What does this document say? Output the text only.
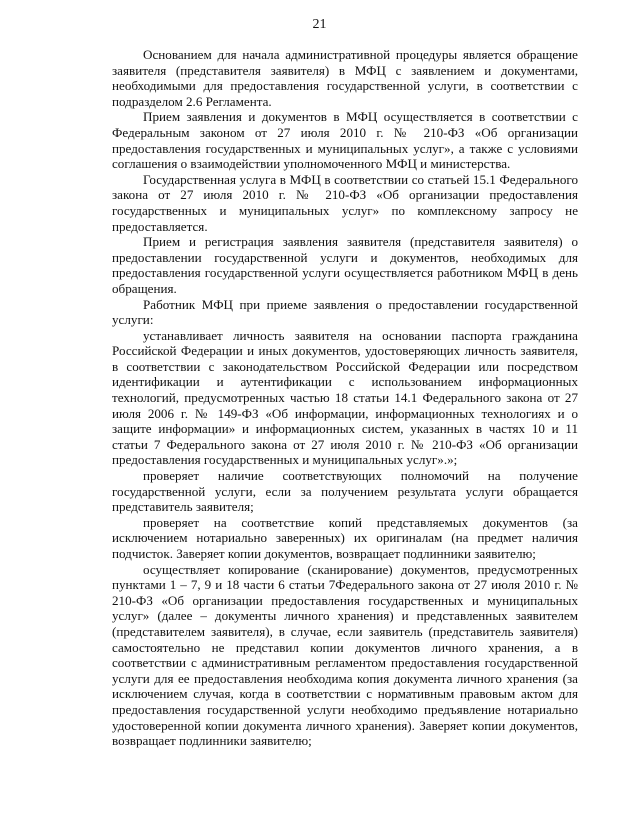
21

Основанием для начала административной процедуры является обращение заявителя (представителя заявителя) в МФЦ с заявлением и документами, необходимыми для предоставления государственной услуги, в соответствии с подразделом 2.6 Регламента.

Прием заявления и документов в МФЦ осуществляется в соответствии с Федеральным законом от 27 июля 2010 г. № 210-ФЗ «Об организации предоставления государственных и муниципальных услуг», а также с условиями соглашения о взаимодействии уполномоченного МФЦ и министерства.

Государственная услуга в МФЦ в соответствии со статьей 15.1 Федерального закона от 27 июля 2010 г. № 210-ФЗ «Об организации предоставления государственных и муниципальных услуг» по комплексному запросу не предоставляется.

Прием и регистрация заявления заявителя (представителя заявителя) о предоставлении государственной услуги и документов, необходимых для предоставления государственной услуги осуществляется работником МФЦ в день обращения.

Работник МФЦ при приеме заявления о предоставлении государственной услуги:

устанавливает личность заявителя на основании паспорта гражданина Российской Федерации и иных документов, удостоверяющих личность заявителя, в соответствии с законодательством Российской Федерации или посредством идентификации и аутентификации с использованием информационных технологий, предусмотренных частью 18 статьи 14.1 Федерального закона от 27 июля 2006 г. № 149-ФЗ «Об информации, информационных технологиях и о защите информации» и информационных систем, указанных в частях 10 и 11 статьи 7 Федерального закона от 27 июля 2010 г. № 210-ФЗ «Об организации предоставления государственных и муниципальных услуг».»;

проверяет наличие соответствующих полномочий на получение государственной услуги, если за получением результата услуги обращается представитель заявителя;

проверяет на соответствие копий представляемых документов (за исключением нотариально заверенных) их оригиналам (на предмет наличия подчисток. Заверяет копии документов, возвращает подлинники заявителю;

осуществляет копирование (сканирование) документов, предусмотренных пунктами 1 – 7, 9 и 18 части 6 статьи 7Федерального закона от 27 июля 2010 г. № 210-ФЗ «Об организации предоставления государственных и муниципальных услуг» (далее – документы личного хранения) и представленных заявителем (представителем заявителя), в случае, если заявитель (представитель заявителя) самостоятельно не представил копии документов личного хранения, а в соответствии с административным регламентом предоставления государственной услуги для ее предоставления необходима копия документа личного хранения (за исключением случая, когда в соответствии с нормативным правовым актом для предоставления государственной услуги необходимо предъявление нотариально удостоверенной копии документа личного хранения). Заверяет копии документов, возвращает подлинники заявителю;
